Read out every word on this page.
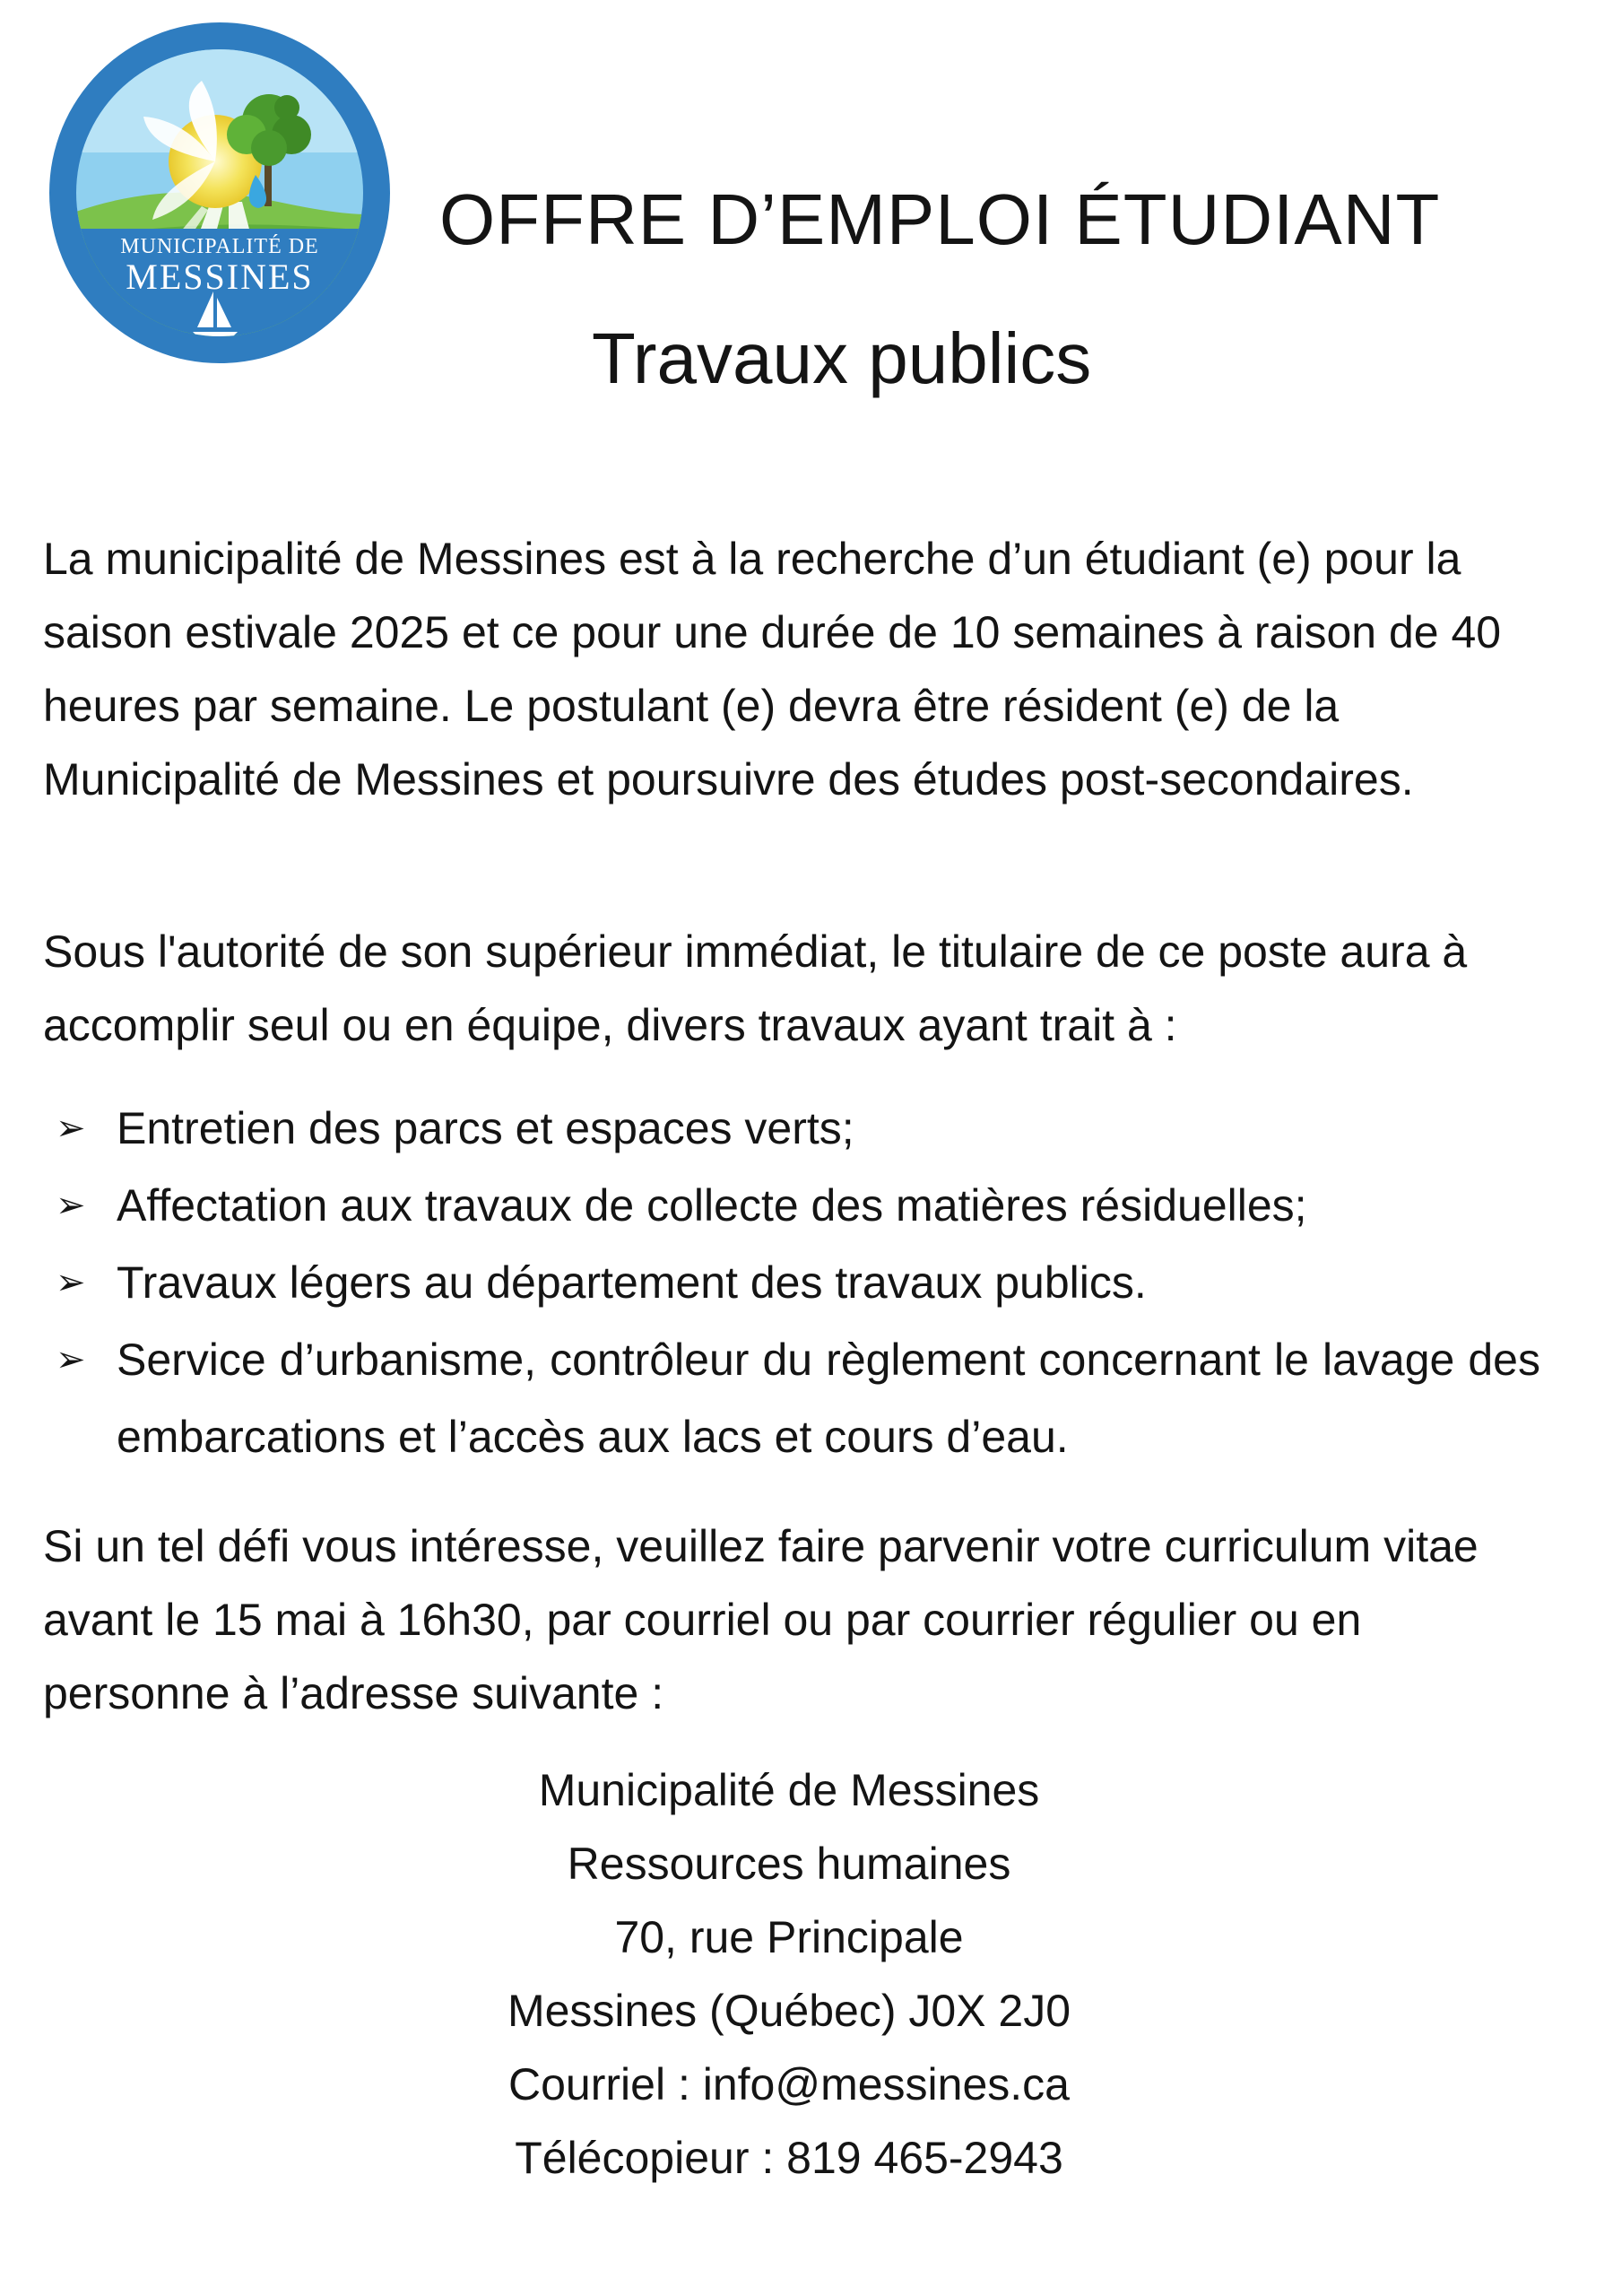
MUNICIPALITÉ DE
MESSINES
OFFRE D’EMPLOI ÉTUDIANT
Travaux publics
La municipalité de Messines est à la recherche d’un étudiant (e) pour la saison estivale 2025 et ce pour une durée de 10 semaines à raison de 40 heures par semaine. Le postulant (e) devra être résident (e) de la Municipalité de Messines et poursuivre des études post-secondaires.
Sous l'autorité de son supérieur immédiat, le titulaire de ce poste aura à accomplir seul ou en équipe, divers travaux ayant trait à :
➢ Entretien des parcs et espaces verts;
➢ Affectation aux travaux de collecte des matières résiduelles;
➢ Travaux légers au département des travaux publics.
➢ Service d’urbanisme, contrôleur du règlement concernant le lavage des embarcations et l’accès aux lacs et cours d’eau.
Si un tel défi vous intéresse, veuillez faire parvenir votre curriculum vitae avant le 15 mai à 16h30, par courriel ou par courrier régulier ou en personne à l’adresse suivante :
Municipalité de Messines
Ressources humaines
70, rue Principale
Messines (Québec) J0X 2J0
Courriel : info@messines.ca
Télécopieur : 819 465-2943
